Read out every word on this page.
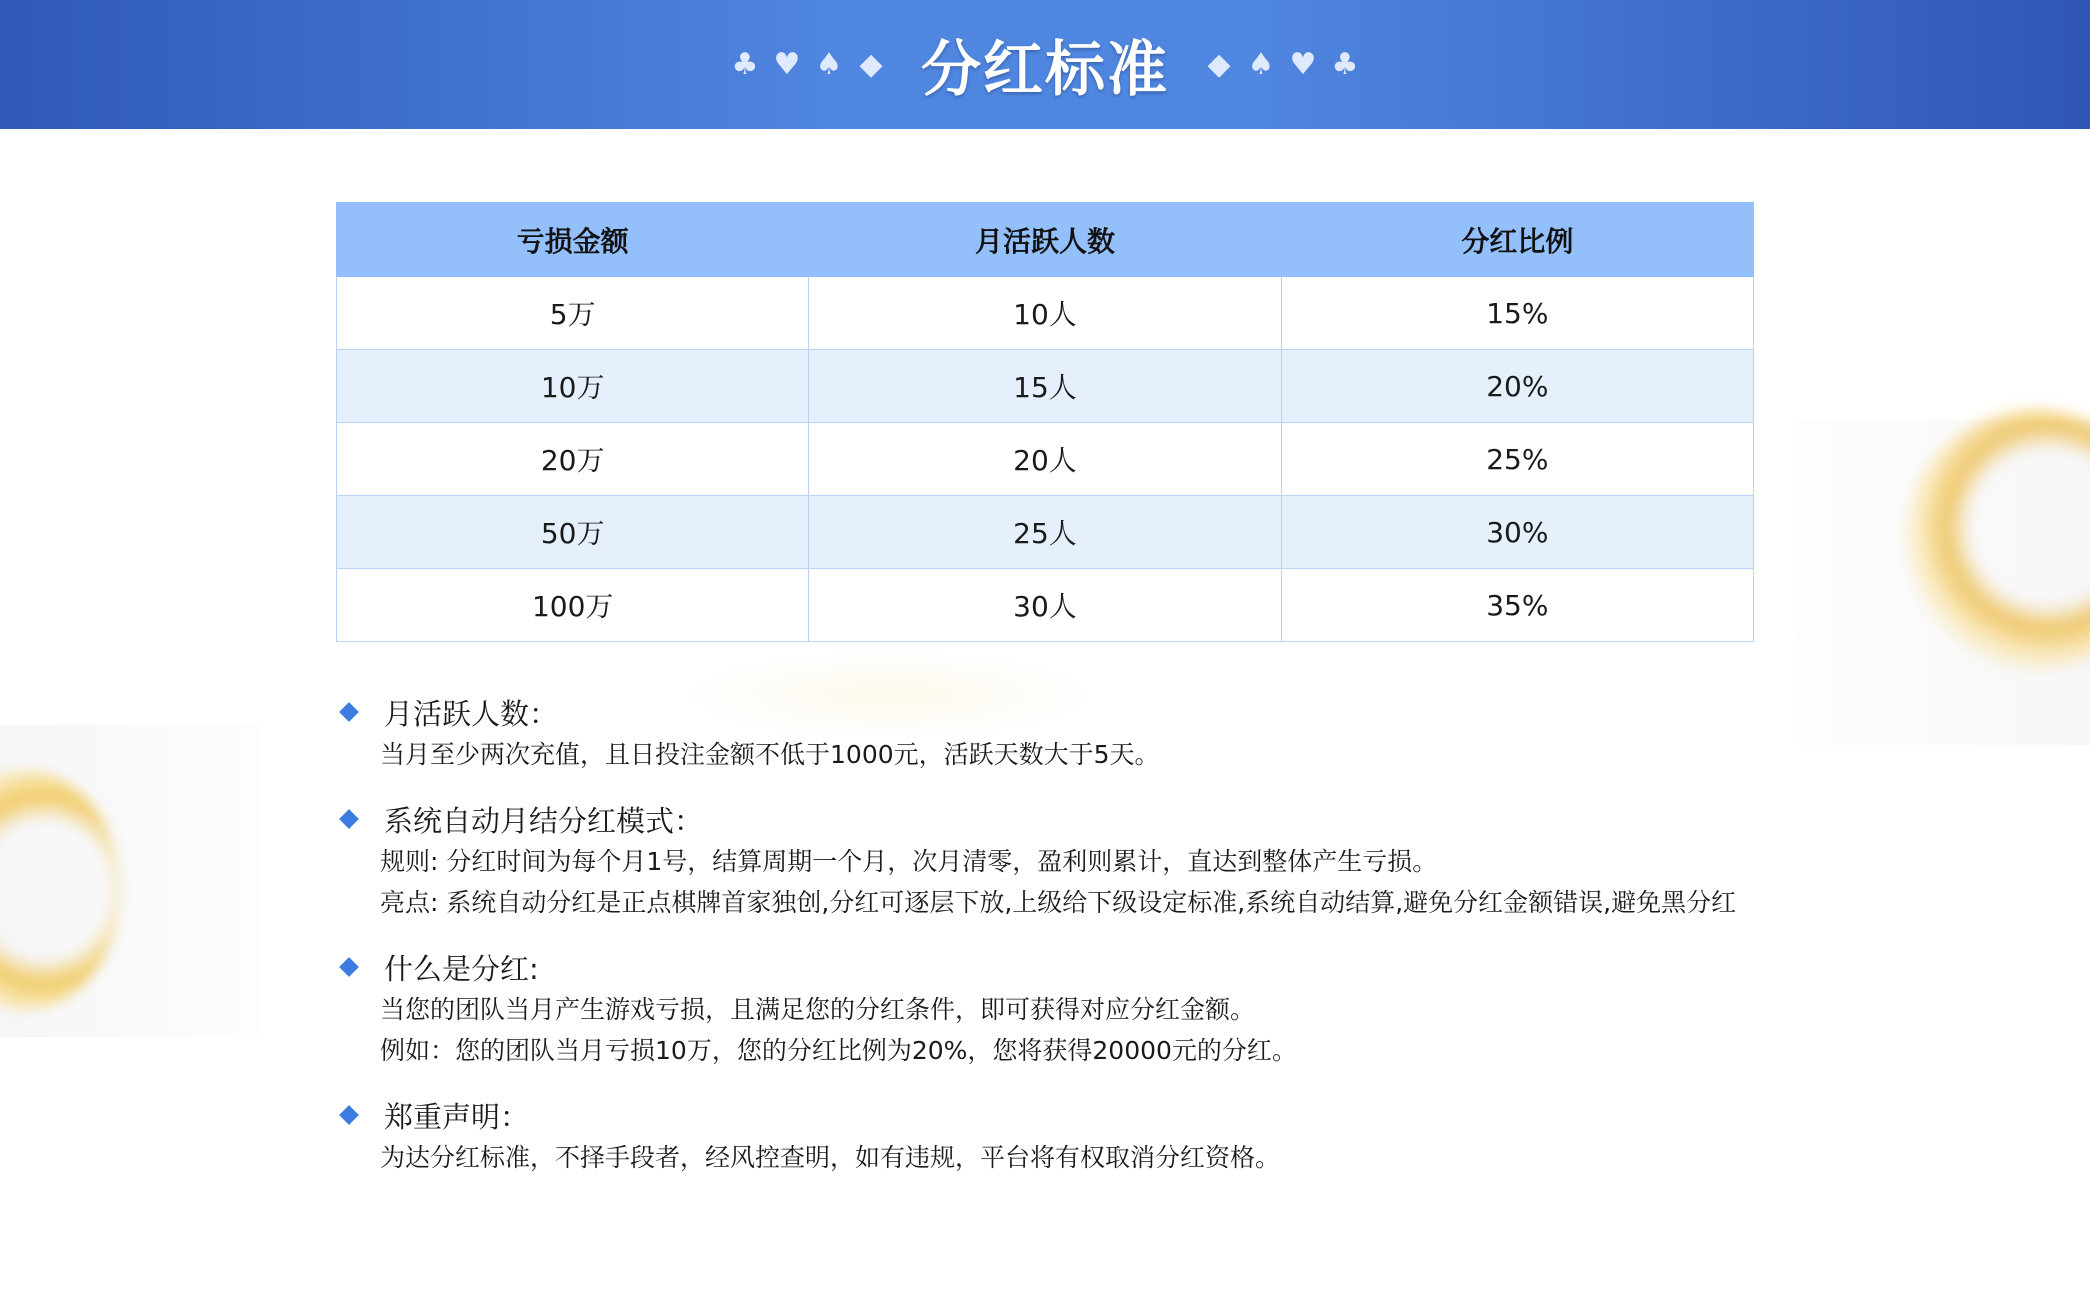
♣ ♥ ♠ ◆ 分红标准 ◆ ♠ ♥ ♣
亏损金额	月活跃人数	分红比例
5万	10人	15%
10万	15人	20%
20万	20人	25%
50万	25人	30%
100万	30人	35%
月活跃人数：
当月至少两次充值，且日投注金额不低于1000元，活跃天数大于5天。
系统自动月结分红模式：
规则: 分红时间为每个月1号，结算周期一个月，次月清零，盈利则累计，直达到整体产生亏损。
亮点: 系统自动分红是正点棋牌首家独创,分红可逐层下放,上级给下级设定标准,系统自动结算,避免分红金额错误,避免黑分红
什么是分红:
当您的团队当月产生游戏亏损，且满足您的分红条件，即可获得对应分红金额。
例如：您的团队当月亏损10万，您的分红比例为20%，您将获得20000元的分红。
郑重声明：
为达分红标准，不择手段者，经风控查明，如有违规，平台将有权取消分红资格。
